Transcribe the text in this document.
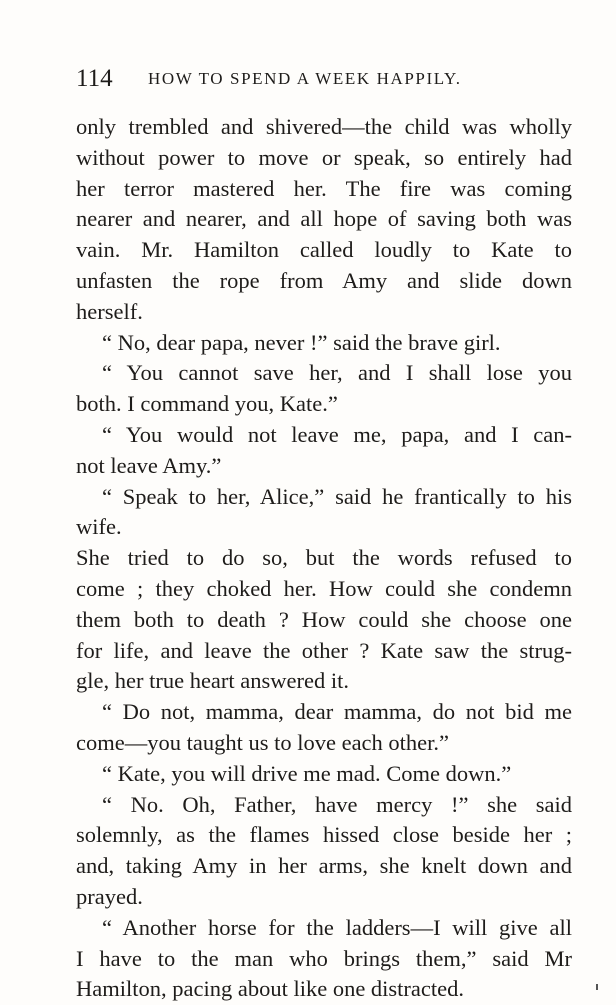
114 HOW TO SPEND A WEEK HAPPILY.
only trembled and shivered—the child was wholly
without power to move or speak, so entirely had
her terror mastered her. The fire was coming
nearer and nearer, and all hope of saving both was
vain. Mr. Hamilton called loudly to Kate to
unfasten the rope from Amy and slide down
herself.
“ No, dear papa, never !” said the brave girl.
“ You cannot save her, and I shall lose you
both. I command you, Kate.”
“ You would not leave me, papa, and I can-
not leave Amy.”
“ Speak to her, Alice,” said he frantically to his
wife.
She tried to do so, but the words refused to
come ; they choked her. How could she condemn
them both to death ? How could she choose one
for life, and leave the other ? Kate saw the strug-
gle, her true heart answered it.
“ Do not, mamma, dear mamma, do not bid me
come—you taught us to love each other.”
“ Kate, you will drive me mad. Come down.”
“ No. Oh, Father, have mercy !” she said
solemnly, as the flames hissed close beside her ;
and, taking Amy in her arms, she knelt down and
prayed.
“ Another horse for the ladders—I will give all
I have to the man who brings them,” said Mr
Hamilton, pacing about like one distracted.
